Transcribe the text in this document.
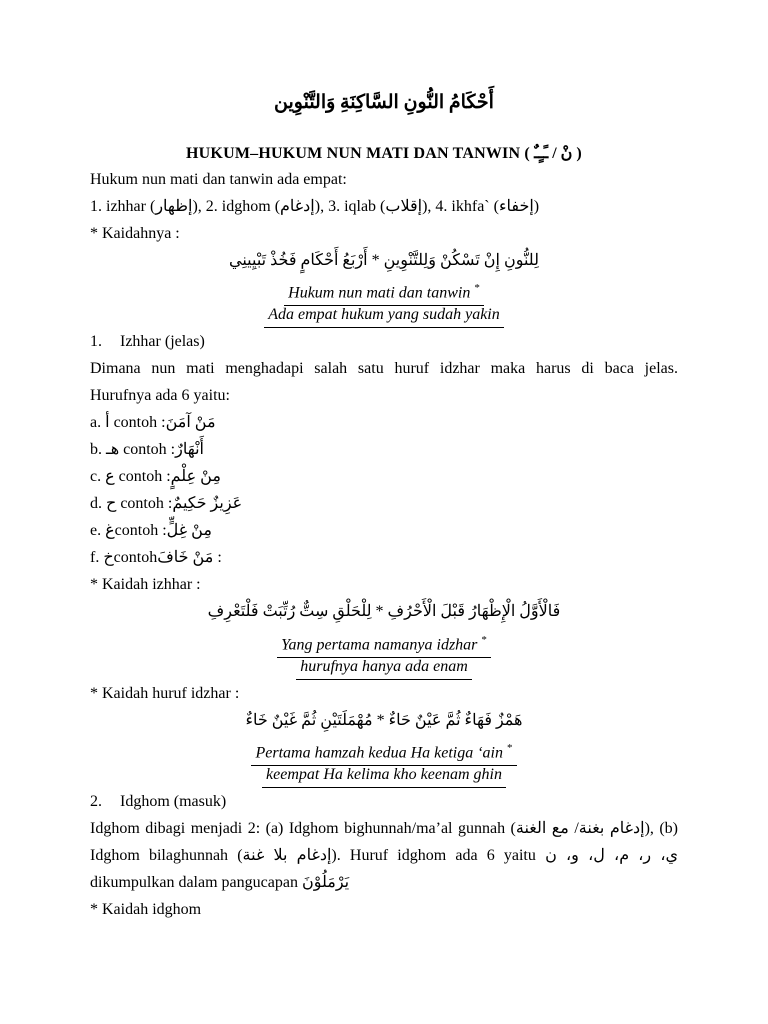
أَحْكَامُ النُّونِ السَّاكِنَةِ وَالتَّنْوِين
HUKUM–HUKUM NUN MATI DAN TANWIN ( نْ / ـًـٍـٌ )
Hukum nun mati dan tanwin ada empat:
1. izhhar (إظهار), 2. idghom (إدغام), 3. iqlab (إقلاب), 4. ikhfa` (إخفاء)
* Kaidahnya :
لِلنُّونِ إِنْ تَسْكُنْ وَلِلتَّنْوِينِ * أَرْبَعُ أَحْكَامٍ فَخُذْ تَبْيِينِي
Hukum nun mati dan tanwin *
Ada empat hukum yang sudah yakin
1. Izhhar (jelas)
Dimana nun mati menghadapi salah satu huruf idzhar maka harus di baca jelas.
Hurufnya ada 6 yaitu:
a. أ contoh :مَنْ آمَنَ
b. هـ contoh :أَنْهَارٌ
c. ع contoh :مِنْ عِلْمٍ
d. ح contoh :عَزِيزٌ حَكِيمٌ
e. غcontoh :مِنْ غِلٍّ
f. خcontohمَنْ خَافَ :
* Kaidah izhhar :
فَالْأَوَّلُ الْإِظْهَارُ قَبْلَ الْأَحْرُفِ * لِلْحَلْقِ سِتٌّ رُتِّبَتْ فَلْتَعْرِفِ
Yang pertama namanya idzhar *
hurufnya hanya ada enam
* Kaidah huruf idzhar :
هَمْزٌ فَهَاءٌ ثُمَّ عَيْنٌ حَاءٌ * مُهْمَلَتَيْنِ ثُمَّ غَيْنٌ خَاءٌ
Pertama hamzah kedua Ha ketiga ‘ain *
keempat Ha kelima kho keenam ghin
2. Idghom (masuk)
Idghom dibagi menjadi 2: (a) Idghom bighunnah/ma’al gunnah (إدغام بغنة/ مع الغنة), (b)
Idghom bilaghunnah (إدغام بلا غنة). Huruf idghom ada 6 yaitu ي، ر، م، ل، و، ن
dikumpulkan dalam pangucapan يَرْمَلُوْنَ
* Kaidah idghom
